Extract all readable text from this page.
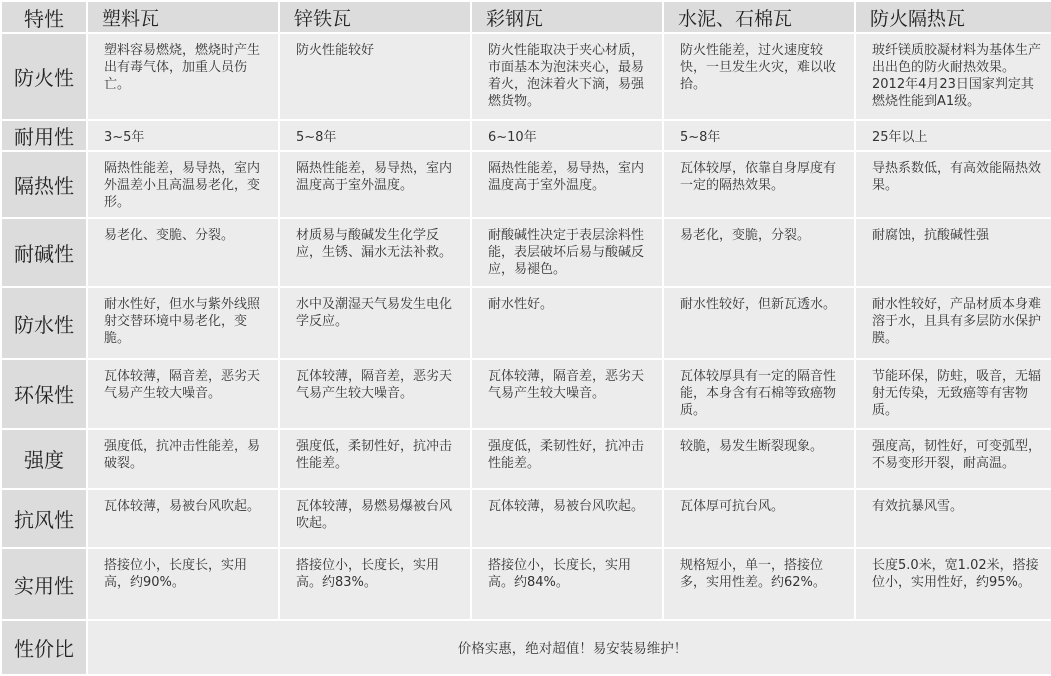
特性	塑料瓦	锌铁瓦	彩钢瓦	水泥、石棉瓦	防火隔热瓦
防火性	塑料容易燃烧，燃烧时产生出有毒气体，加重人员伤亡。	防火性能较好	防火性能取决于夹心材质，市面基本为泡沫夹心，最易着火，泡沫着火下滴，易强燃货物。	防火性能差，过火速度较快，一旦发生火灾，难以收拾。	玻纤镁质胶凝材料为基体生产出出色的防火耐热效果。2012年4月23日国家判定其燃烧性能到A1级。
耐用性	3~5年	5~8年	6~10年	5~8年	25年以上
隔热性	隔热性能差，易导热，室内外温差小且高温易老化，变形。	隔热性能差，易导热，室内温度高于室外温度。	隔热性能差，易导热，室内温度高于室外温度。	瓦体较厚，依靠自身厚度有一定的隔热效果。	导热系数低，有高效能隔热效果。
耐碱性	易老化、变脆、分裂。	材质易与酸碱发生化学反应，生锈、漏水无法补救。	耐酸碱性决定于表层涂料性能，表层破坏后易与酸碱反应，易褪色。	易老化，变脆，分裂。	耐腐蚀，抗酸碱性强
防水性	耐水性好，但水与紫外线照射交替环境中易老化，变脆。	水中及潮湿天气易发生电化学反应。	耐水性好。	耐水性较好，但新瓦透水。	耐水性较好，产品材质本身难溶于水，且具有多层防水保护膜。
环保性	瓦体较薄，隔音差，恶劣天气易产生较大噪音。	瓦体较薄，隔音差，恶劣天气易产生较大噪音。	瓦体较薄，隔音差，恶劣天气易产生较大噪音。	瓦体较厚具有一定的隔音性能，本身含有石棉等致癌物质。	节能环保，防蛀，吸音，无辐射无传染，无致癌等有害物质。
强度	强度低，抗冲击性能差，易破裂。	强度低，柔韧性好，抗冲击性能差。	强度低，柔韧性好，抗冲击性能差。	较脆，易发生断裂现象。	强度高，韧性好，可变弧型，不易变形开裂，耐高温。
抗风性	瓦体较薄，易被台风吹起。	瓦体较薄，易燃易爆被台风吹起。	瓦体较薄，易被台风吹起。	瓦体厚可抗台风。	有效抗暴风雪。
实用性	搭接位小，长度长，实用高，约90%。	搭接位小，长度长，实用高。约83%。	搭接位小，长度长，实用高。约84%。	规格短小，单一，搭接位多，实用性差。约62%。	长度5.0米，宽1.02米，搭接位小，实用性好，约95%。
性价比	价格实惠，绝对超值！易安装易维护！				
